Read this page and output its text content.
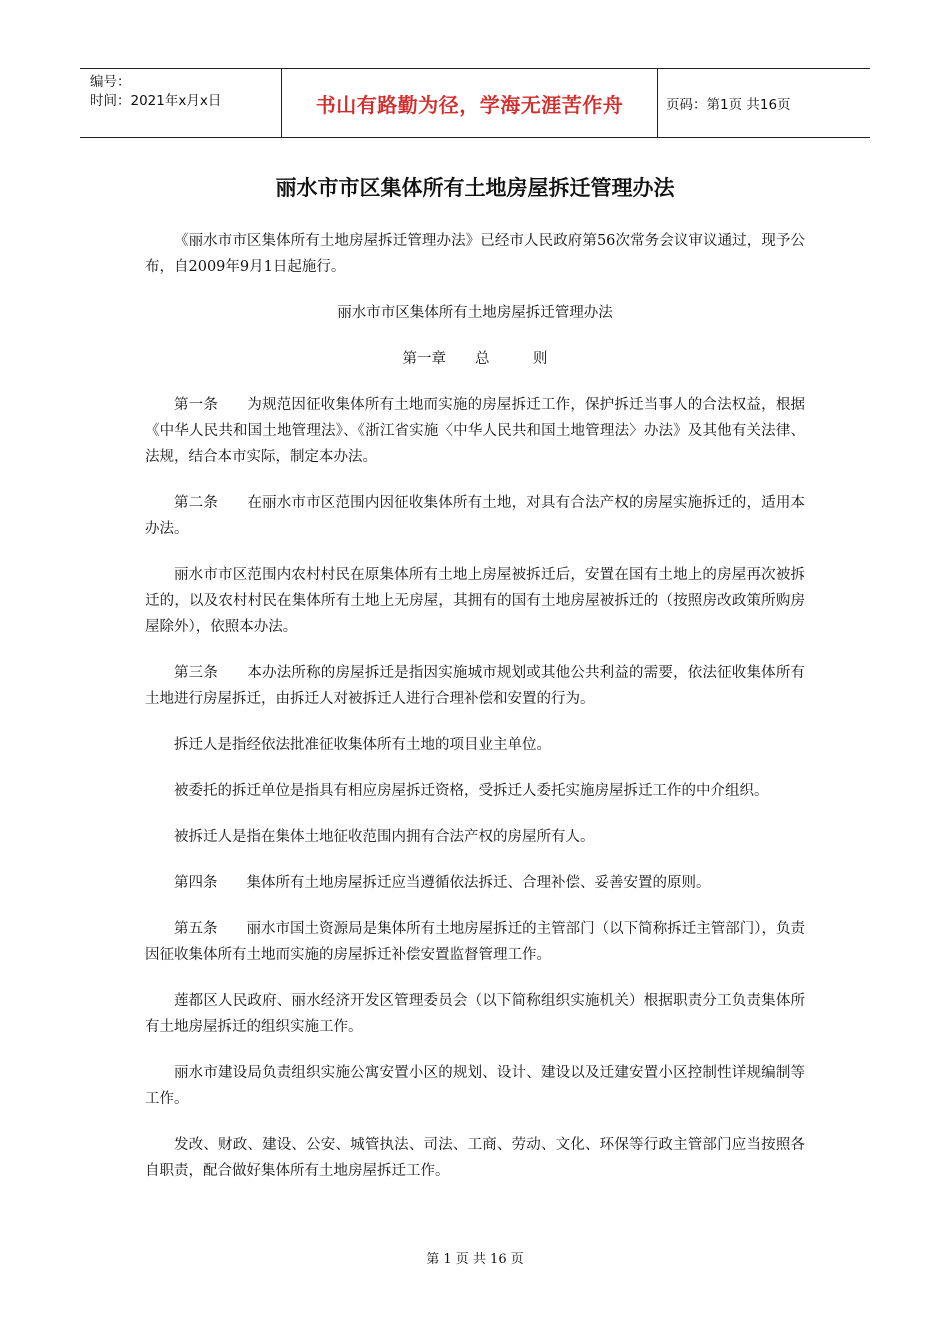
编号：
时间：2021年x月x日	书山有路勤为径，学海无涯苦作舟	页码：第1页 共16页
丽水市市区集体所有土地房屋拆迁管理办法

《丽水市市区集体所有土地房屋拆迁管理办法》已经市人民政府第56次常务会议审议通过，现予公布，自2009年9月1日起施行。

丽水市市区集体所有土地房屋拆迁管理办法

第一章　　总　　　则

第一条　　为规范因征收集体所有土地而实施的房屋拆迁工作，保护拆迁当事人的合法权益，根据《中华人民共和国土地管理法》、《浙江省实施〈中华人民共和国土地管理法〉办法》及其他有关法律、法规，结合本市实际，制定本办法。

第二条　　在丽水市市区范围内因征收集体所有土地，对具有合法产权的房屋实施拆迁的，适用本办法。

丽水市市区范围内农村村民在原集体所有土地上房屋被拆迁后，安置在国有土地上的房屋再次被拆迁的，以及农村村民在集体所有土地上无房屋，其拥有的国有土地房屋被拆迁的（按照房改政策所购房屋除外），依照本办法。

第三条　　本办法所称的房屋拆迁是指因实施城市规划或其他公共利益的需要，依法征收集体所有土地进行房屋拆迁，由拆迁人对被拆迁人进行合理补偿和安置的行为。

拆迁人是指经依法批准征收集体所有土地的项目业主单位。

被委托的拆迁单位是指具有相应房屋拆迁资格，受拆迁人委托实施房屋拆迁工作的中介组织。

被拆迁人是指在集体土地征收范围内拥有合法产权的房屋所有人。

第四条　　集体所有土地房屋拆迁应当遵循依法拆迁、合理补偿、妥善安置的原则。

第五条　　丽水市国土资源局是集体所有土地房屋拆迁的主管部门（以下简称拆迁主管部门），负责因征收集体所有土地而实施的房屋拆迁补偿安置监督管理工作。

莲都区人民政府、丽水经济开发区管理委员会（以下简称组织实施机关）根据职责分工负责集体所有土地房屋拆迁的组织实施工作。

丽水市建设局负责组织实施公寓安置小区的规划、设计、建设以及迁建安置小区控制性详规编制等工作。

发改、财政、建设、公安、城管执法、司法、工商、劳动、文化、环保等行政主管部门应当按照各自职责，配合做好集体所有土地房屋拆迁工作。

第 1 页 共 16 页
